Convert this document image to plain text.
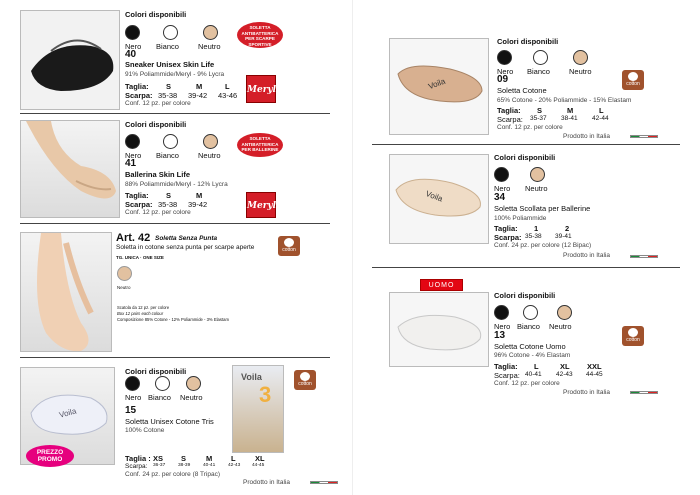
Colori disponibili
Nero Bianco	Neutro
SOLETTA ANTIBATTERICA PER SCARPE SPORTIVE
40
Sneaker Unisex Skin Life
91% Poliammide/Meryl - 9% Lycra
Meryl
Taglia: S	M	L
Scarpa: 35-38 39-42 43-46
Conf. 12 pz. per colore
Colori disponibili
Nero Bianco	Neutro
SOLETTA ANTIBATTERICA PER BALLERINE
41
Ballerina Skin Life
88% Poliammide/Meryl - 12% Lycra
Meryl
Taglia: S	M
Scarpa: 35-38 39-42
Conf. 12 pz. per colore
Art. 42 Soletta Senza Punta
Soletta in cotone senza punta per scarpe aperte
TG. UNICA · ONE SIZE
cotton
Neutro
Scatola da 12 pz. per colore
Box 12 pairs each colour
Composizione 85% Cotone - 12% Poliammide - 3% Elastam
Voila
PREZZO PROMO
Colori disponibili
Nero Bianco Neutro
15
Soletta Unisex Cotone Tris
100% Cotone
Voila
3	cotton
Taglia : XS S	M	L	XL
Scarpa: 36-37	38-39	40-41	42-43 44-45
Conf. 24 pz. per colore (8 Tripac)
Prodotto in Italia
Voila
Colori disponibili
Nero Bianco	Neutro
cotton
09
Soletta Cotone
65% Cotone - 20% Poliammide - 15% Elastam
Taglia: S	M	L
Scarpa: 35-37 38-41 42-44
Conf. 12 pz. per colore
Prodotto in Italia
Voila
Colori disponibili
Nero Neutro
34
Soletta Scollata per Ballerine
100% Poliammide
Taglia: 1	2
Scarpa: 35-38 39-41
Conf. 24 pz. per colore (12 Bipac)
Prodotto in Italia
UOMO
Colori disponibili
Nero Bianco Neutro
cotton
13
Soletta Cotone Uomo
96% Cotone - 4% Elastam
Taglia: L	XL XXL
Scarpa: 40-41 42-43 44-45
Conf. 12 pz. per colore
Prodotto in Italia
